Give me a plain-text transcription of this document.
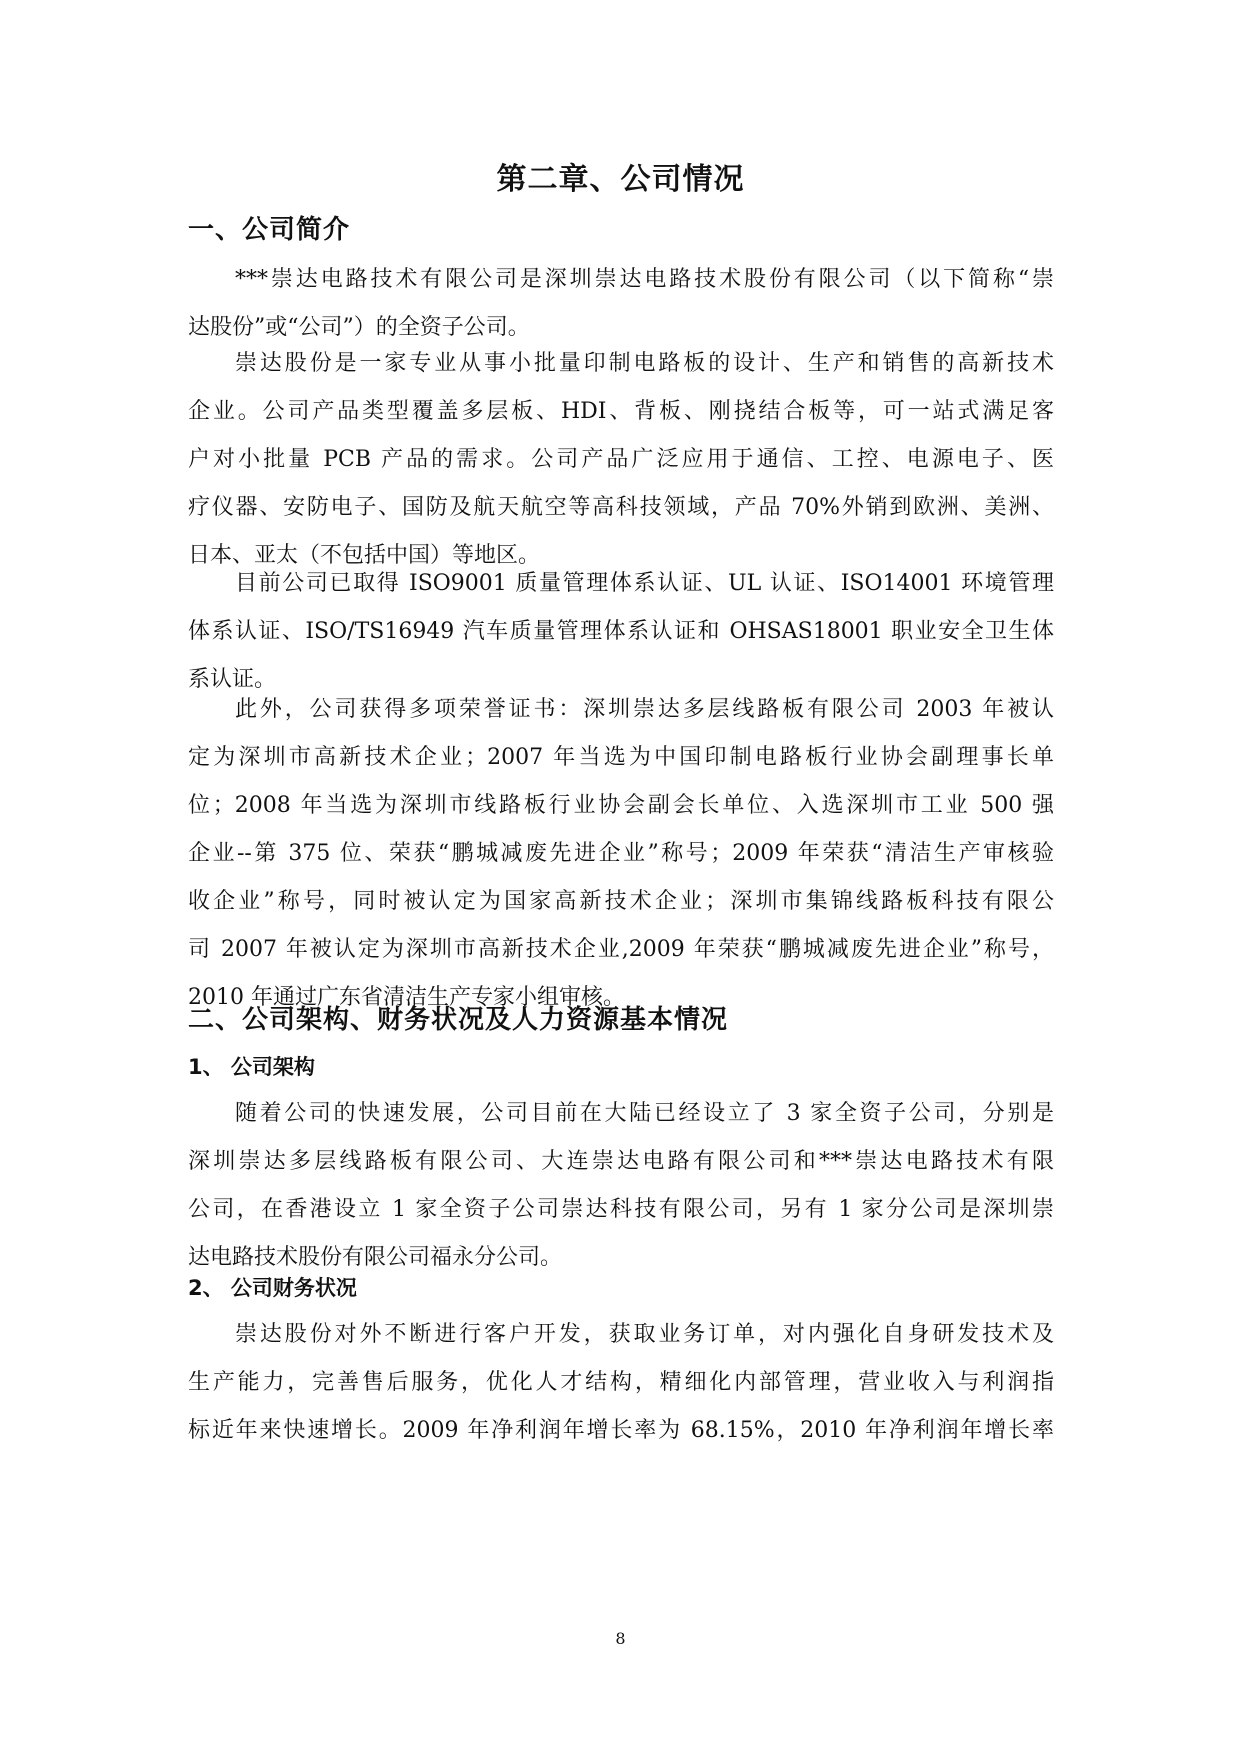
第二章、公司情况
一、公司简介
***崇达电路技术有限公司是深圳崇达电路技术股份有限公司（以下简称“崇
达股份”或“公司”）的全资子公司。
崇达股份是一家专业从事小批量印制电路板的设计、生产和销售的高新技术
企业。公司产品类型覆盖多层板、HDI、背板、刚挠结合板等，可一站式满足客
户对小批量 PCB 产品的需求。公司产品广泛应用于通信、工控、电源电子、医
疗仪器、安防电子、国防及航天航空等高科技领域，产品 70%外销到欧洲、美洲、
日本、亚太（不包括中国）等地区。
目前公司已取得 ISO9001 质量管理体系认证、UL 认证、ISO14001 环境管理
体系认证、ISO/TS16949 汽车质量管理体系认证和 OHSAS18001 职业安全卫生体
系认证。
此外，公司获得多项荣誉证书：深圳崇达多层线路板有限公司 2003 年被认
定为深圳市高新技术企业；2007 年当选为中国印制电路板行业协会副理事长单
位；2008 年当选为深圳市线路板行业协会副会长单位、入选深圳市工业 500 强
企业--第 375 位、荣获“鹏城减废先进企业”称号；2009 年荣获“清洁生产审核验
收企业”称号，同时被认定为国家高新技术企业；深圳市集锦线路板科技有限公
司 2007 年被认定为深圳市高新技术企业,2009 年荣获“鹏城减废先进企业”称号，
2010 年通过广东省清洁生产专家小组审核。
二、公司架构、财务状况及人力资源基本情况
1、 公司架构
随着公司的快速发展，公司目前在大陆已经设立了 3 家全资子公司，分别是
深圳崇达多层线路板有限公司、大连崇达电路有限公司和***崇达电路技术有限
公司，在香港设立 1 家全资子公司崇达科技有限公司，另有 1 家分公司是深圳崇
达电路技术股份有限公司福永分公司。
2、 公司财务状况
崇达股份对外不断进行客户开发，获取业务订单，对内强化自身研发技术及
生产能力，完善售后服务，优化人才结构，精细化内部管理，营业收入与利润指
标近年来快速增长。2009 年净利润年增长率为 68.15%，2010 年净利润年增长率
8
